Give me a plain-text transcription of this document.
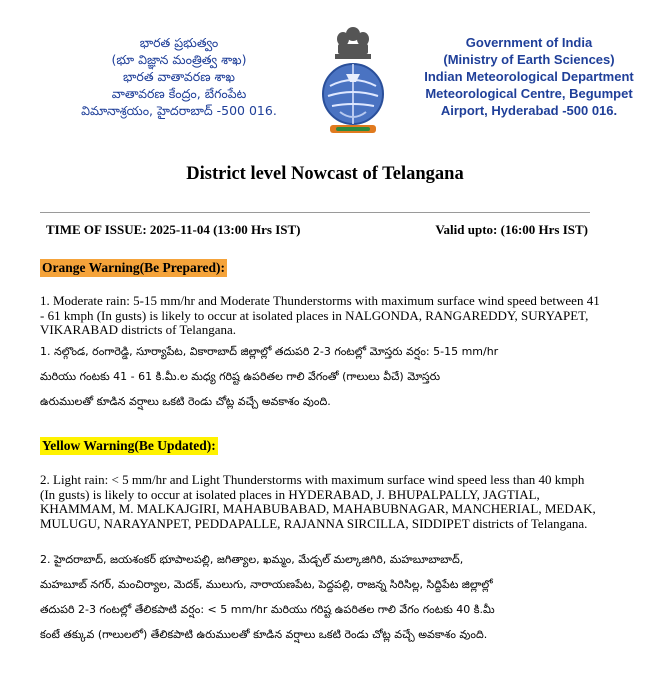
భారత ప్రభుత్వం
(భూ విజ్ఞాన మంత్రిత్వ శాఖ)
భారత వాతావరణ శాఖ
వాతావరణ కేంద్రం, బేగంపేట
విమానాశ్రయం, హైదరాబాద్ -500 016.
Government of India
(Ministry of Earth Sciences)
Indian Meteorological Department
Meteorological Centre, Begumpet
Airport, Hyderabad -500 016.
District level Nowcast of Telangana
TIME OF ISSUE: 2025-11-04 (13:00 Hrs IST)	Valid upto: (16:00 Hrs IST)
Orange Warning(Be Prepared):
1. Moderate rain: 5-15 mm/hr and Moderate Thunderstorms with maximum surface wind speed between 41 - 61 kmph (In gusts) is likely to occur at isolated places in NALGONDA, RANGAREDDY, SURYAPET, VIKARABAD districts of Telangana.
1. నల్గొండ, రంగారెడ్డి, సూర్యాపేట, వికారాబాద్ జిల్లాల్లో తదుపరి 2-3 గంటల్లో మోస్తరు వర్షం: 5-15 mm/hr
మరియు గంటకు 41 - 61 కి.మీ.ల మధ్య గరిష్ట ఉపరితల గాలి వేగంతో (గాలులు వీచే) మోస్తరు
ఉరుములతో కూడిన వర్షాలు ఒకటి రెండు చోట్ల వచ్చే అవకాశం వుంది.
Yellow Warning(Be Updated):
2. Light rain: < 5 mm/hr and Light Thunderstorms with maximum surface wind speed less than 40 kmph (In gusts) is likely to occur at isolated places in HYDERABAD, J. BHUPALPALLY, JAGTIAL, KHAMMAM, M. MALKAJGIRI, MAHABUBABAD, MAHABUBNAGAR, MANCHERIAL, MEDAK, MULUGU, NARAYANPET, PEDDAPALLE, RAJANNA SIRCILLA, SIDDIPET districts of Telangana.
2. హైదరాబాద్, జయశంకర్ భూపాలపల్లి, జగిత్యాల, ఖమ్మం, మేడ్చల్ మల్కాజిగిరి, మహబూబాబాద్,
మహబూబ్ నగర్, మంచిర్యాల, మెదక్, ములుగు, నారాయణపేట, పెద్దపల్లి, రాజన్న సిరిసిల్ల, సిద్దిపేట జిల్లాల్లో
తదుపరి 2-3 గంటల్లో తేలికపాటి వర్షం: < 5 mm/hr మరియు గరిష్ట ఉపరితల గాలి వేగం గంటకు 40 కి.మీ
కంటే తక్కువ (గాలులలో) తేలికపాటి ఉరుములతో కూడిన వర్షాలు ఒకటి రెండు చోట్ల వచ్చే అవకాశం వుంది.
